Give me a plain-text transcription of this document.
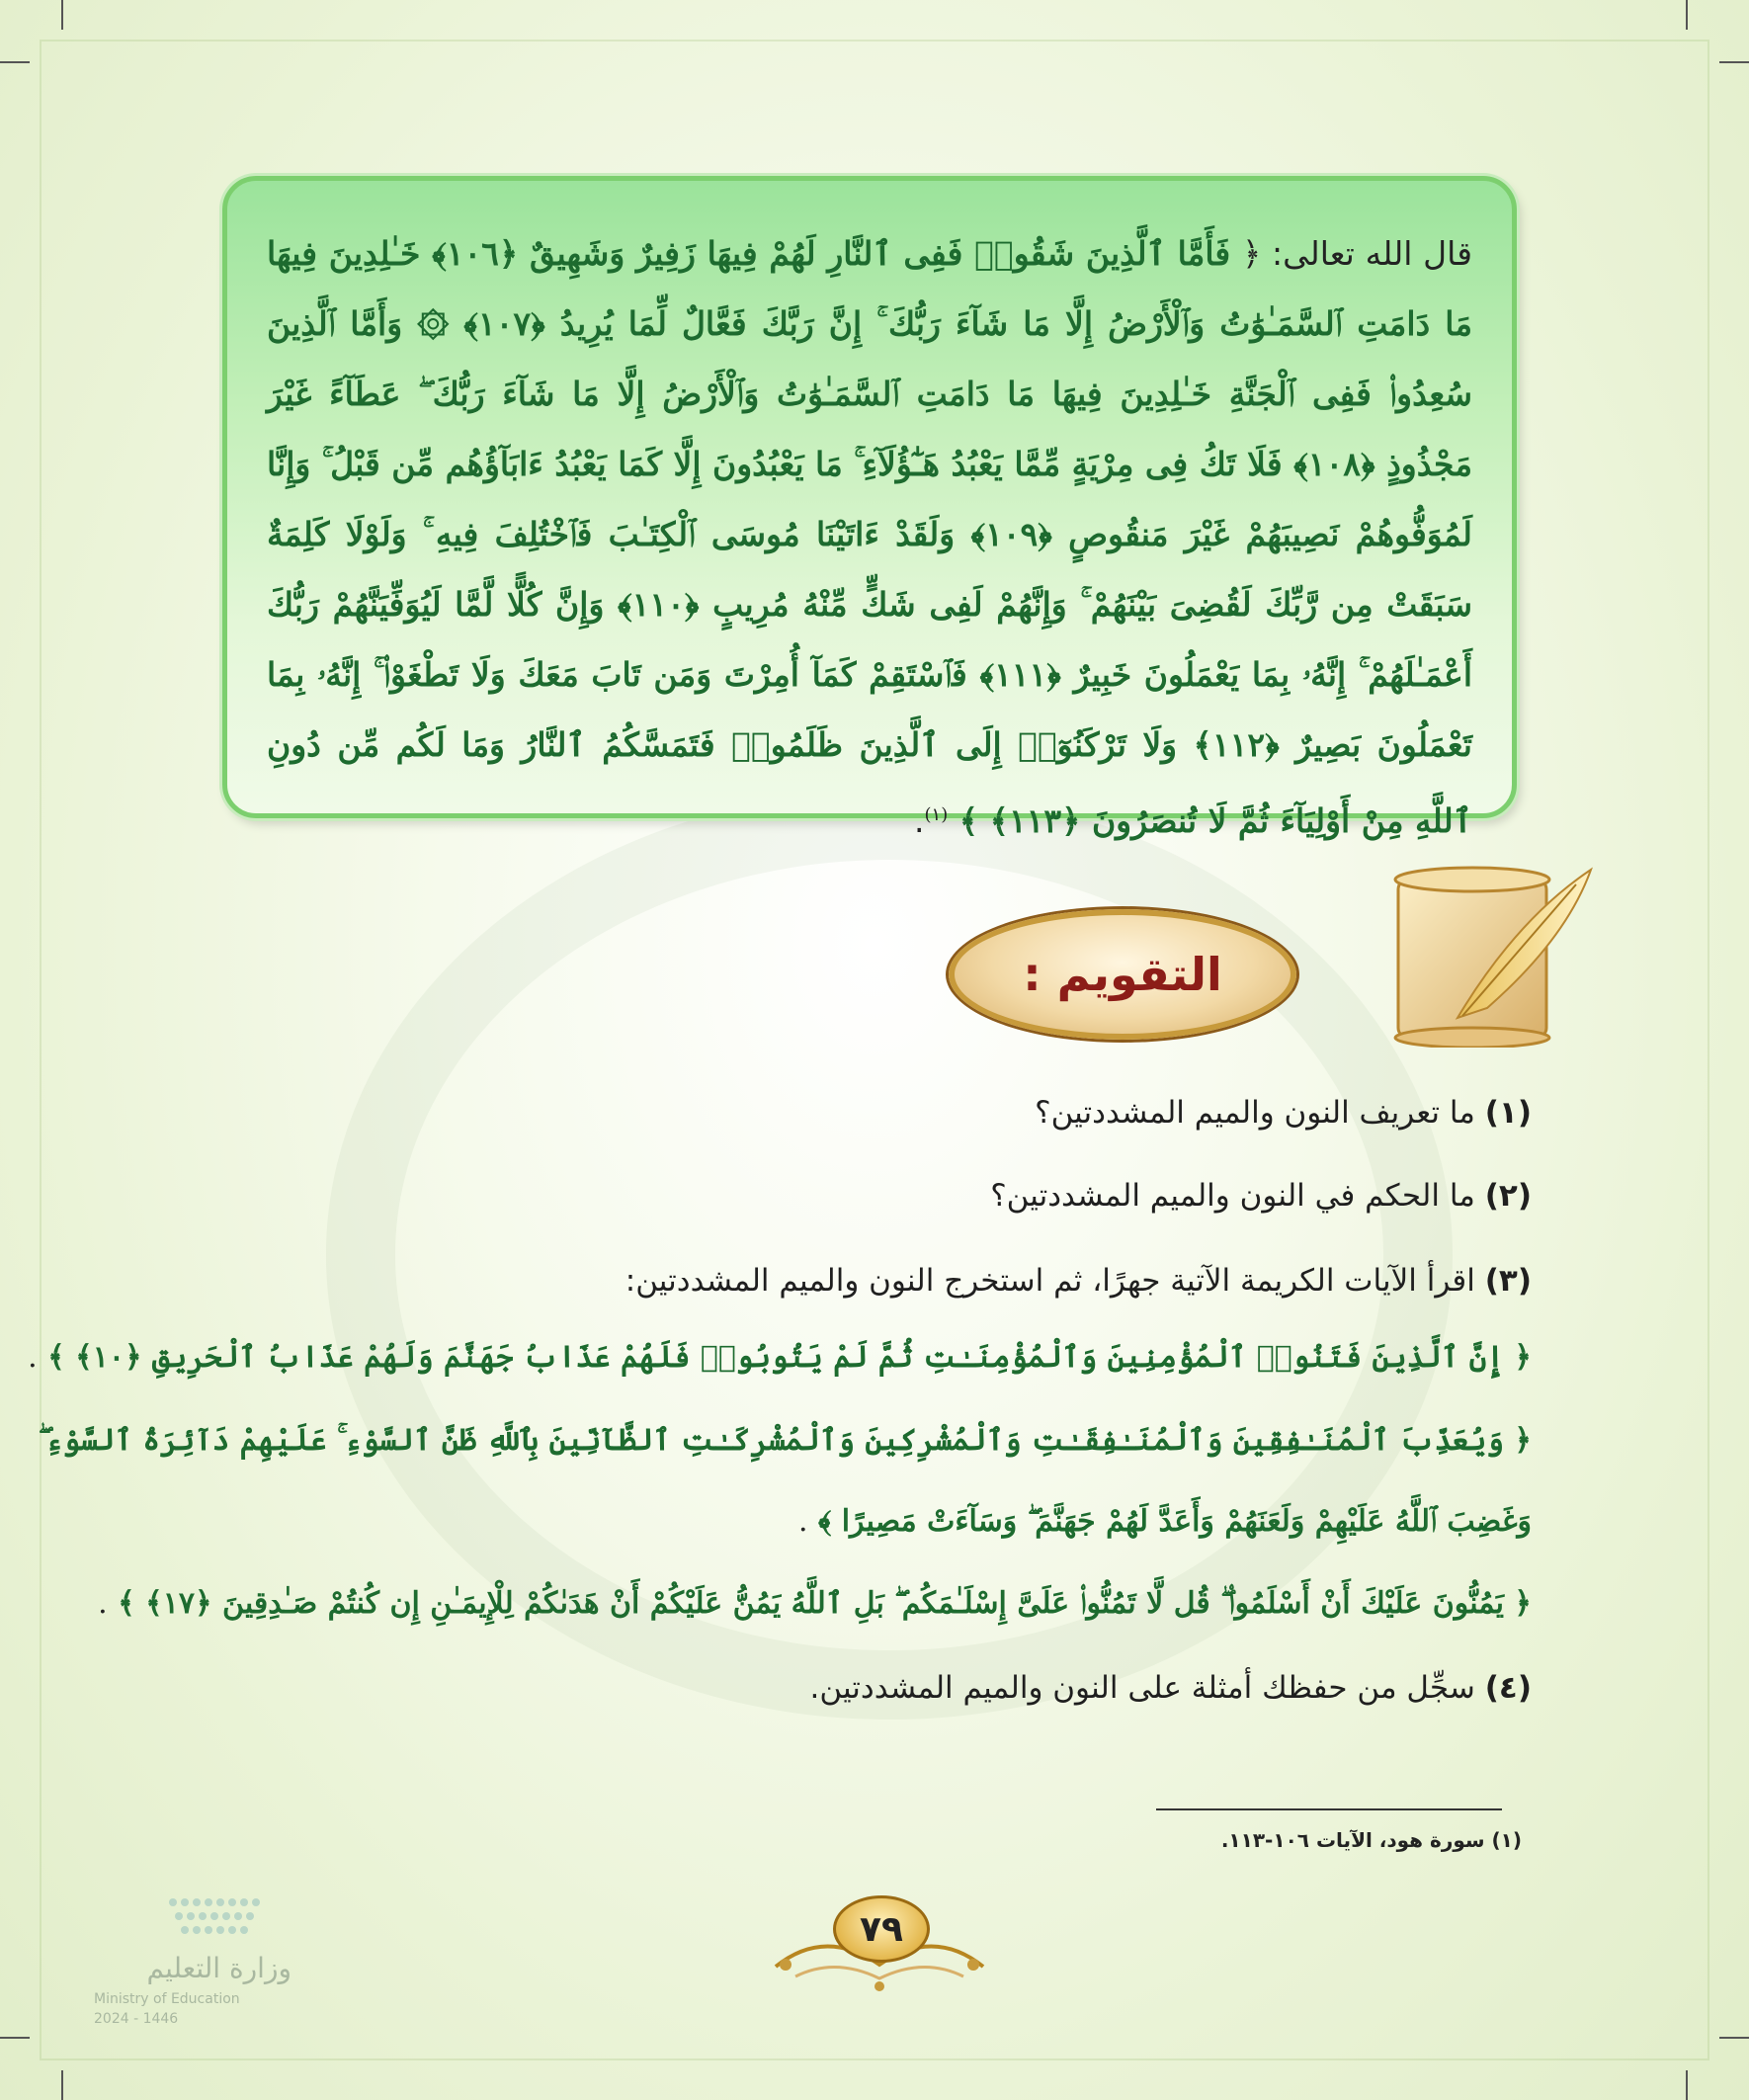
قال الله تعالى: ﴿ فَأَمَّا ٱلَّذِينَ شَقُوا۟ فَفِى ٱلنَّارِ لَهُمْ فِيهَا زَفِيرٌ وَشَهِيقٌ ﴿١٠٦﴾ خَـٰلِدِينَ فِيهَا مَا دَامَتِ ٱلسَّمَـٰوَٰتُ وَٱلْأَرْضُ إِلَّا مَا شَآءَ رَبُّكَ ۚ إِنَّ رَبَّكَ فَعَّالٌ لِّمَا يُرِيدُ ﴿١٠٧﴾ ۞ وَأَمَّا ٱلَّذِينَ سُعِدُوا۟ فَفِى ٱلْجَنَّةِ خَـٰلِدِينَ فِيهَا مَا دَامَتِ ٱلسَّمَـٰوَٰتُ وَٱلْأَرْضُ إِلَّا مَا شَآءَ رَبُّكَ ۖ عَطَآءً غَيْرَ مَجْذُوذٍ ﴿١٠٨﴾ فَلَا تَكُ فِى مِرْيَةٍ مِّمَّا يَعْبُدُ هَـٰٓؤُلَآءِ ۚ مَا يَعْبُدُونَ إِلَّا كَمَا يَعْبُدُ ءَابَآؤُهُم مِّن قَبْلُ ۚ وَإِنَّا لَمُوَفُّوهُمْ نَصِيبَهُمْ غَيْرَ مَنقُوصٍ ﴿١٠٩﴾ وَلَقَدْ ءَاتَيْنَا مُوسَى ٱلْكِتَـٰبَ فَٱخْتُلِفَ فِيهِ ۚ وَلَوْلَا كَلِمَةٌ سَبَقَتْ مِن رَّبِّكَ لَقُضِىَ بَيْنَهُمْ ۚ وَإِنَّهُمْ لَفِى شَكٍّ مِّنْهُ مُرِيبٍ ﴿١١٠﴾ وَإِنَّ كُلًّا لَّمَّا لَيُوَفِّيَنَّهُمْ رَبُّكَ أَعْمَـٰلَهُمْ ۚ إِنَّهُۥ بِمَا يَعْمَلُونَ خَبِيرٌ ﴿١١١﴾ فَٱسْتَقِمْ كَمَآ أُمِرْتَ وَمَن تَابَ مَعَكَ وَلَا تَطْغَوْا۟ ۚ إِنَّهُۥ بِمَا تَعْمَلُونَ بَصِيرٌ ﴿١١٢﴾ وَلَا تَرْكَنُوٓا۟ إِلَى ٱلَّذِينَ ظَلَمُوا۟ فَتَمَسَّكُمُ ٱلنَّارُ وَمَا لَكُم مِّن دُونِ ٱللَّهِ مِنْ أَوْلِيَآءَ ثُمَّ لَا تُنصَرُونَ ﴿١١٣﴾ ﴾ $^{(١)}$.
التقويم :
(١) ما تعريف النون والميم المشددتين؟
(٢) ما الحكم في النون والميم المشددتين؟
(٣) اقرأ الآيات الكريمة الآتية جهرًا، ثم استخرج النون والميم المشددتين:
﴿ إِنَّ ٱلَّذِينَ فَتَنُوا۟ ٱلْمُؤْمِنِينَ وَٱلْمُؤْمِنَـٰتِ ثُمَّ لَمْ يَتُوبُوا۟ فَلَهُمْ عَذَابُ جَهَنَّمَ وَلَهُمْ عَذَابُ ٱلْحَرِيقِ ﴿١٠﴾ ﴾ .
﴿ وَيُعَذِّبَ ٱلْمُنَـٰفِقِينَ وَٱلْمُنَـٰفِقَـٰتِ وَٱلْمُشْرِكِينَ وَٱلْمُشْرِكَـٰتِ ٱلظَّآنِّينَ بِٱللَّهِ ظَنَّ ٱلسَّوْءِ ۚ عَلَيْهِمْ دَآئِرَةُ ٱلسَّوْءِ ۖ
وَغَضِبَ ٱللَّهُ عَلَيْهِمْ وَلَعَنَهُمْ وَأَعَدَّ لَهُمْ جَهَنَّمَ ۖ وَسَآءَتْ مَصِيرًا ﴾ .
﴿ يَمُنُّونَ عَلَيْكَ أَنْ أَسْلَمُوا۟ ۖ قُل لَّا تَمُنُّوا۟ عَلَىَّ إِسْلَـٰمَكُم ۖ بَلِ ٱللَّهُ يَمُنُّ عَلَيْكُمْ أَنْ هَدَىٰكُمْ لِلْإِيمَـٰنِ إِن كُنتُمْ صَـٰدِقِينَ ﴿١٧﴾ ﴾ .
(٤) سجِّل من حفظك أمثلة على النون والميم المشددتين.
(١) سورة هود، الآيات ١٠٦-١١٣.
٧٩
وزارة التعليم
Ministry of Education
2024 - 1446
